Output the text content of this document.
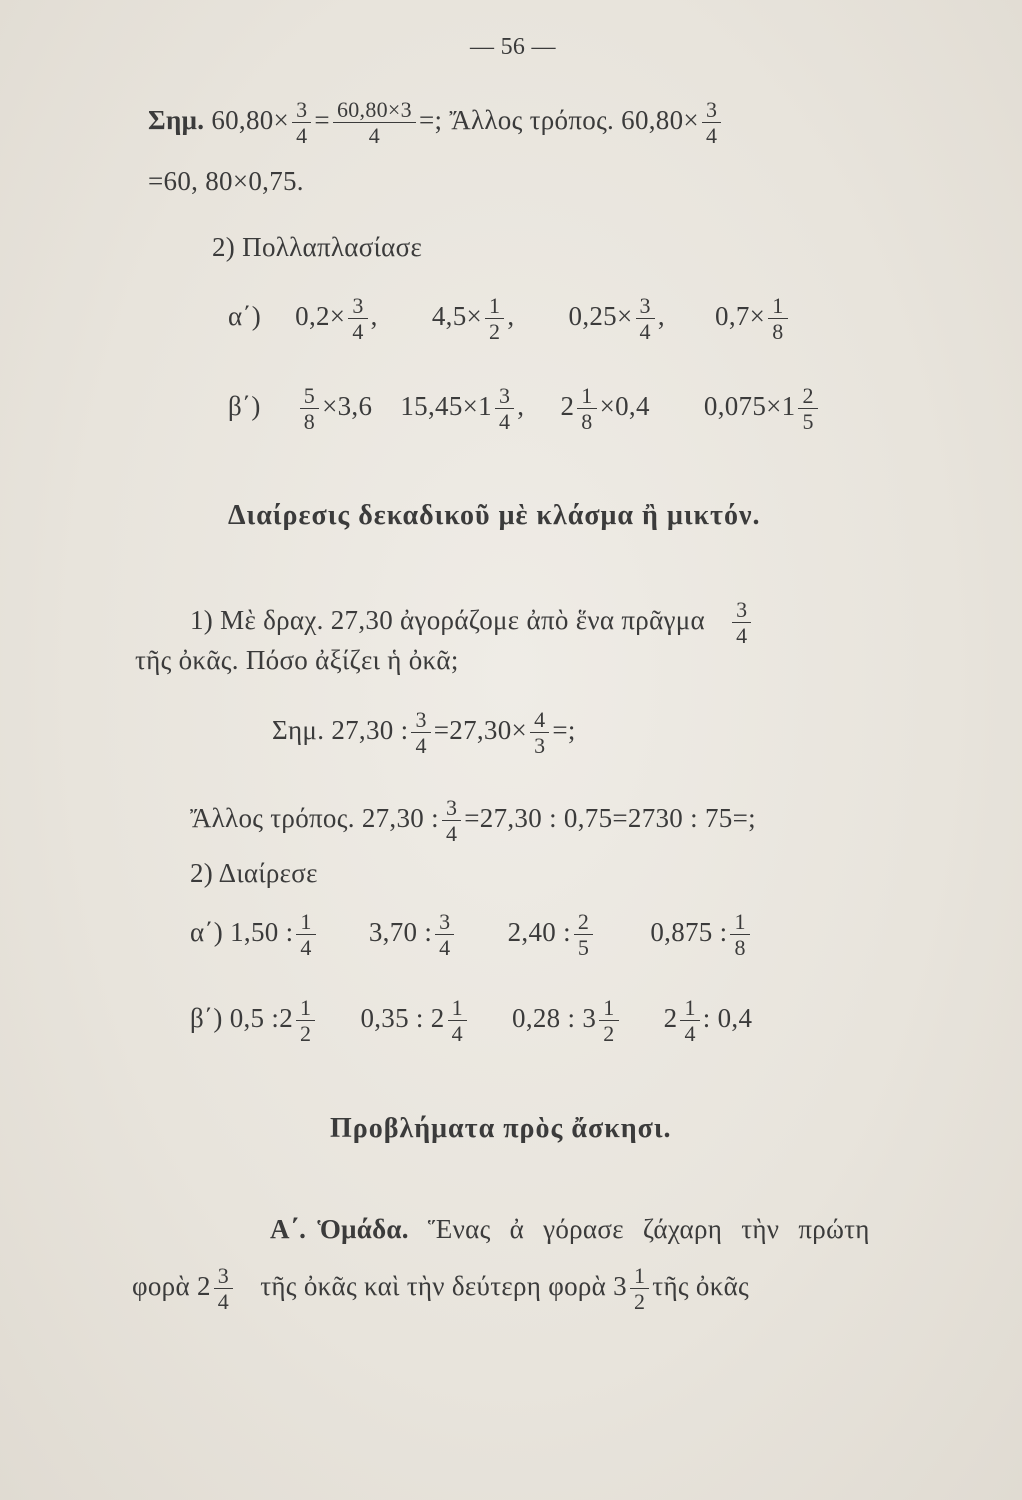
— 56 —
Σημ. $60,80\times \frac{3}{4} = \frac{60,80\times 3}{4}$ =; Ἄλλος τρόπος. $60,80\times \frac{3}{4}$
=60, 80×0,75.
2) Πολλαπλασίασε
α΄) $0,2\times \frac{3}{4}$ , $4,5\times \frac{1}{2}$ , $0,25\times \frac{3}{4}$ , $0,7\times \frac{1}{8}$
$\beta΄) \frac{5}{8} \times 3,6$ $15,45\times 1 \frac{3}{4}$ , $2 \frac{1}{8} \times 0,4$ $0,075\times 1 \frac{2}{5}$
Διαίρεσις δεκαδικοῦ μὲ κλάσμα ἢ μικτόν.
1) Μὲ δραχ. 27,30 ἀγοράζομε ἀπὸ ἕνα πρᾶγμα $\frac{3}{4}$
τῆς ὀκᾶς. Πόσο ἀξίζει ἡ ὀκᾶ;
Σημ. 27,30 : $\frac{3}{4} =27,30\times \frac{4}{3}$ =;
Ἄλλος τρόπος. 27,30 : $\frac{3}{4} =27,30$ : 0,75=2730 : 75=;
2) Διαίρεσε
α΄) 1,50 : $\frac{1}{4} 3,70$ : $\frac{3}{4} 2,40$ : $\frac{2}{5} 0,875$ : $\frac{1}{8}$
β΄) 0,5 :2 $\frac{1}{2} 0,35$ : $2 \frac{1}{4} 0,28$ : $3 \frac{1}{2} 2 \frac{1}{4}$ : 0,4
Προβλήματα πρὸς ἄσκησι.
Α΄. Ὁμάδα. Ἕνας ἀ γόρασε ζάχαρη τὴν πρώτη
φορὰ $2 \frac{3}{4}$ τῆς ὀκᾶς καὶ τὴν δεύτερη φορὰ $3 \frac{1}{2}$ τῆς ὀκᾶς
